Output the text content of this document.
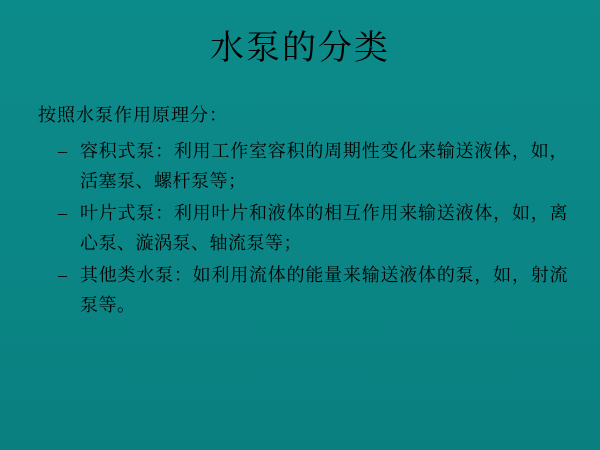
水泵的分类

按照水泵作用原理分：

– 容积式泵：利用工作室容积的周期性变化来输送液体，如，活塞泵、螺杆泵等；
– 叶片式泵：利用叶片和液体的相互作用来输送液体，如，离心泵、漩涡泵、轴流泵等；
– 其他类水泵：如利用流体的能量来输送液体的泵，如，射流泵等。
